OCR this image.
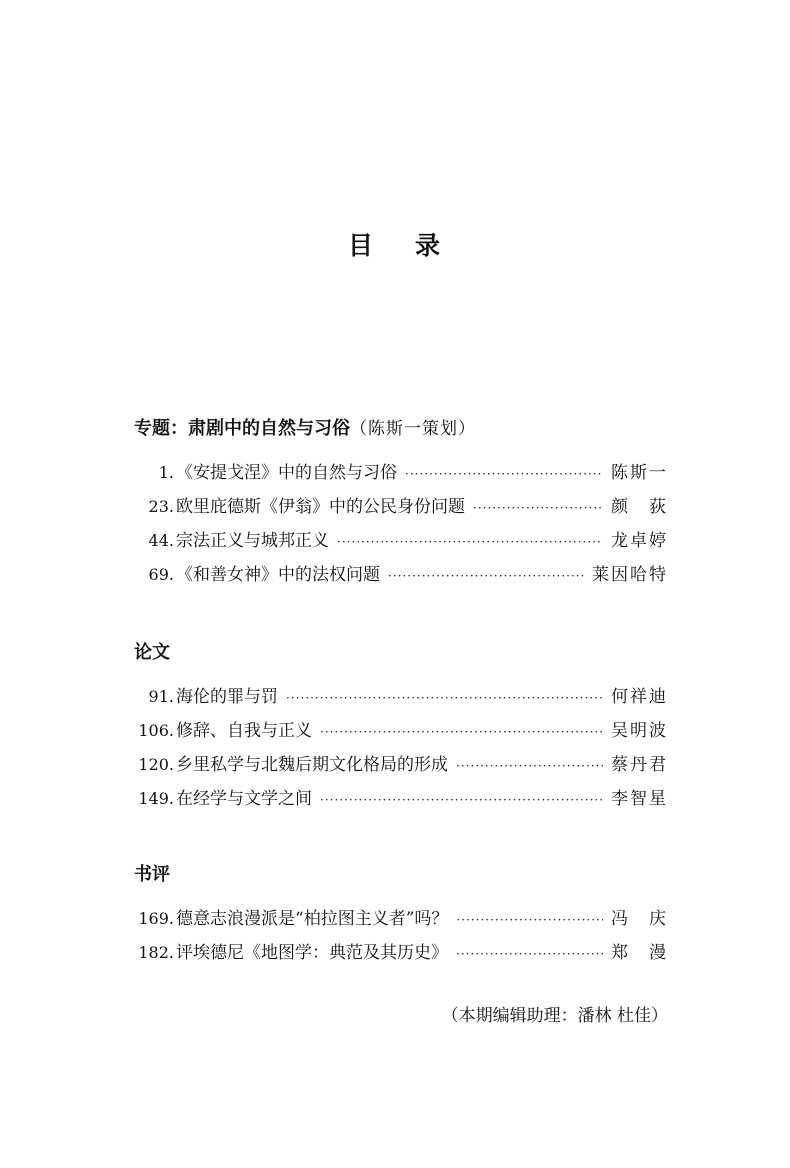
目 录
专题：肃剧中的自然与习俗（陈斯一策划）
1. 《安提戈涅》中的自然与习俗 ·····	陈斯一
23. 欧里庇德斯《伊翁》中的公民身份问题 ·····	颜　荻
44. 宗法正义与城邦正义 ·····	龙卓婷
69. 《和善女神》中的法权问题 ·····	莱因哈特
论文
91. 海伦的罪与罚 ·····	何祥迪
106. 修辞、自我与正义 ·····	吴明波
120. 乡里私学与北魏后期文化格局的形成 ·····	蔡丹君
149. 在经学与文学之间 ·····	李智星
书评
169. 德意志浪漫派是“柏拉图主义者”吗？ ·····	冯　庆
182. 评埃德尼《地图学：典范及其历史》 ·····	郑　漫
（本期编辑助理：潘林 杜佳）
